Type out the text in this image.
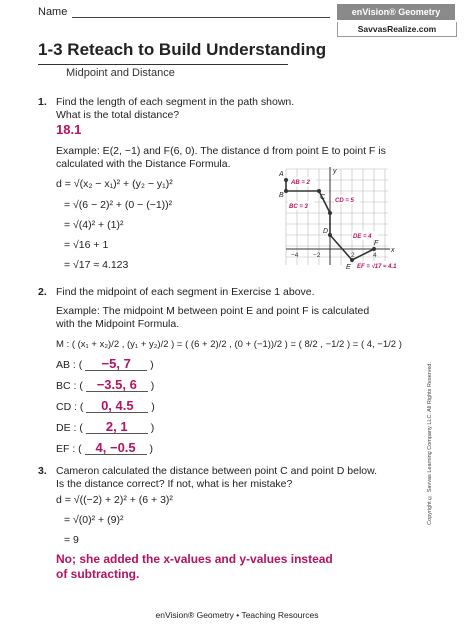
Name	enVision® Geometry
SavvasRealize.com
1-3 Reteach to Build Understanding
Midpoint and Distance
1. Find the length of each segment in the path shown.
What is the total distance?
18.1
Example: E(2, −1) and F(6, 0). The distance d from point E to point F is
calculated with the Distance Formula.
d = √(x₂ − x₁)² + (y₂ − y₁)²
= √(6 − 2)² + (0 − (−1))²
= √(4)² + (1)²
= √16 + 1
= √17 ≈ 4.123
A
B	C
D
E
F
x
y
AB = 2
BC = 3
CD = 5
DE = 4
EF = √17 ≈ 4.1
−4 −2	2	4
2. Find the midpoint of each segment in Exercise 1 above.
Example: The midpoint M between point E and point F is calculated
with the Midpoint Formula.
M : ( (x₁ + x₂)/2 , (y₁ + y₂)/2 ) = ( (6 + 2)/2 , (0 + (−1))/2 ) = ( 8/2 , −1/2 ) = ( 4, −1/2 )
AB : ( −5, 7 )
BC : ( −3.5, 6 )
CD : ( 0, 4.5 )
DE : ( 2, 1 )
EF : ( 4, −0.5 )
3. Cameron calculated the distance between point C and point D below.
Is the distance correct? If not, what is her mistake?
d = √((−2) + 2)² + (6 + 3)²
= √(0)² + (9)²
= 9
No; she added the x-values and y-values instead
of subtracting.
Copyright © Savvas Learning Company LLC. All Rights Reserved.
enVision® Geometry • Teaching Resources
